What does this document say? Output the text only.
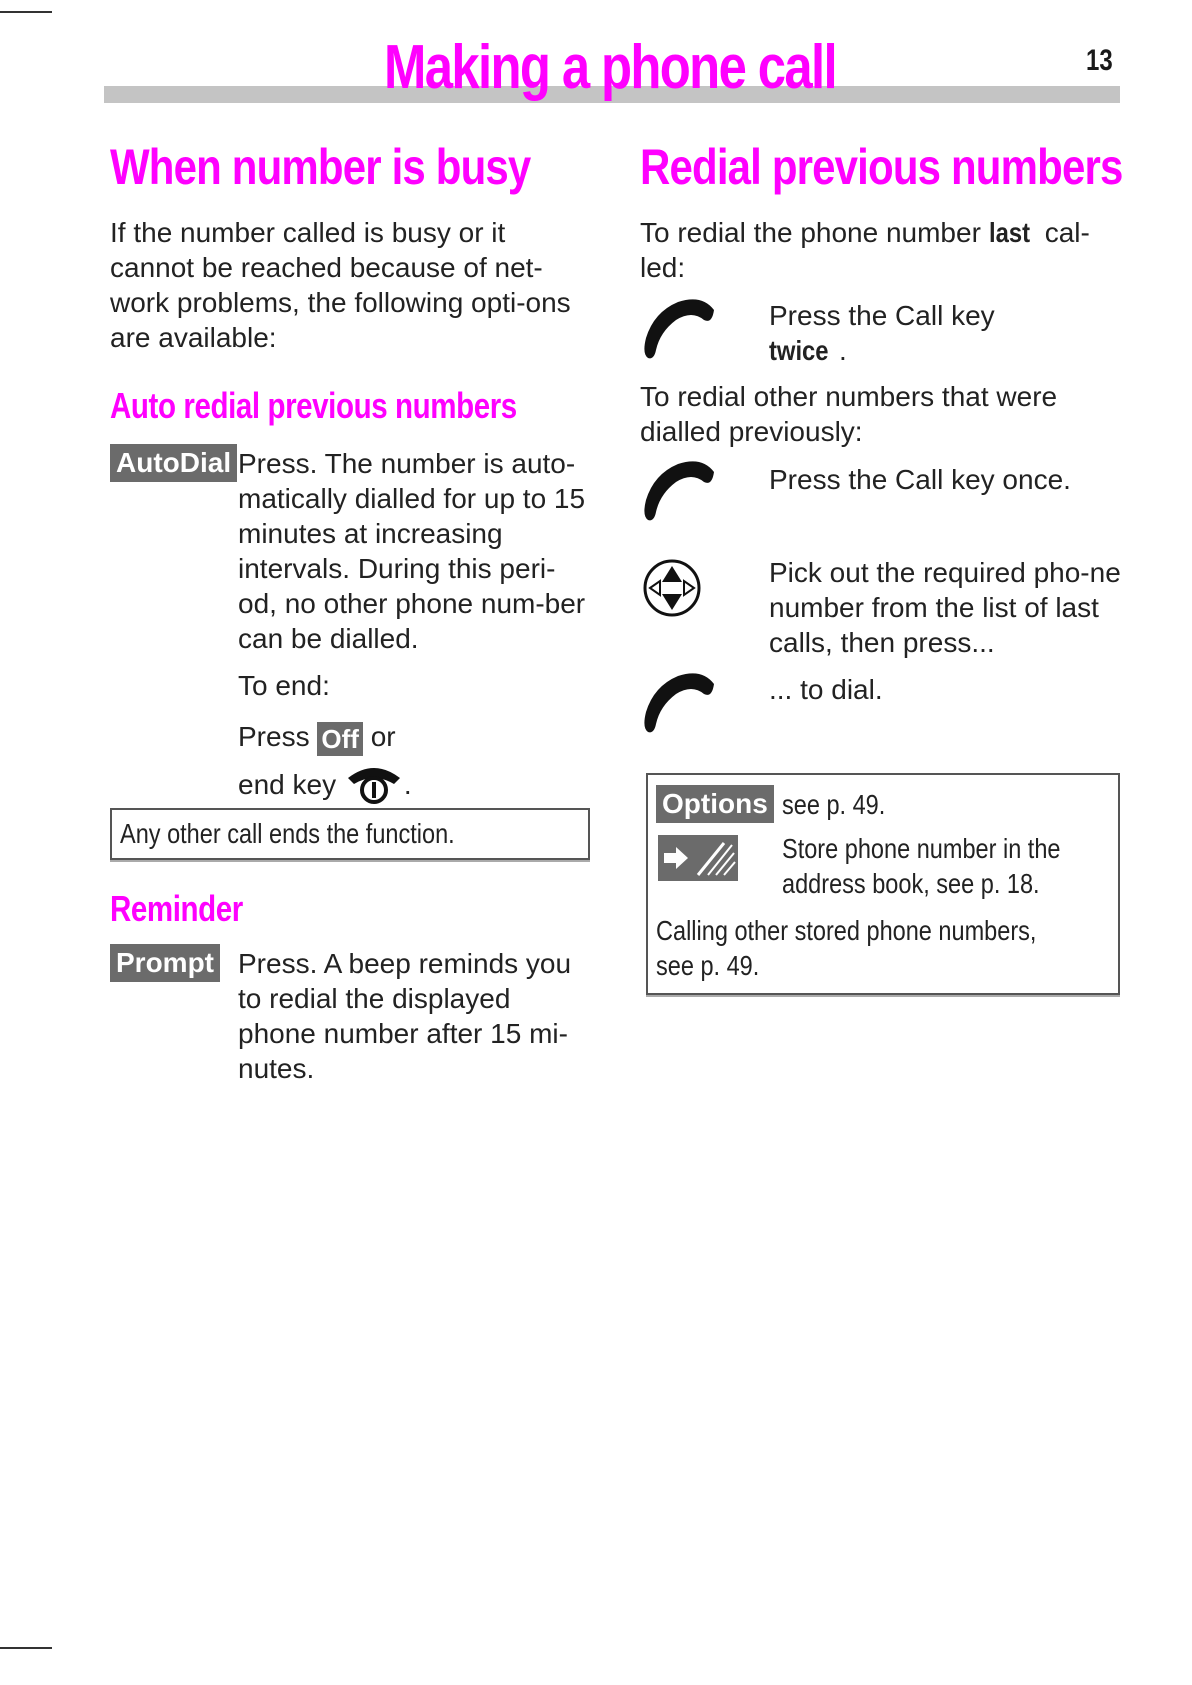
Making a phone call	13
When number is busy
If the number called is busy or it cannot be reached because of net-work problems, the following opti-ons are available:
Auto redial previous numbers
AutoDial Press. The number is auto-matically dialled for up to 15 minutes at increasing intervals. During this peri-od, no other phone num-ber can be dialled.
To end:
Press Off or
end key .
Any other call ends the function.
Reminder
Prompt Press. A beep reminds you to redial the displayed phone number after 15 mi-nutes.
Redial previous numbers
To redial the phone number last cal-led:
Press the Call key
twice .
To redial other numbers that were dialled previously:
Press the Call key once.
Pick out the required pho-ne number from the list of last calls, then press...
... to dial.
Options see p. 49.
Store phone number in the
address book, see p. 18.
Calling other stored phone numbers,
see p. 49.
